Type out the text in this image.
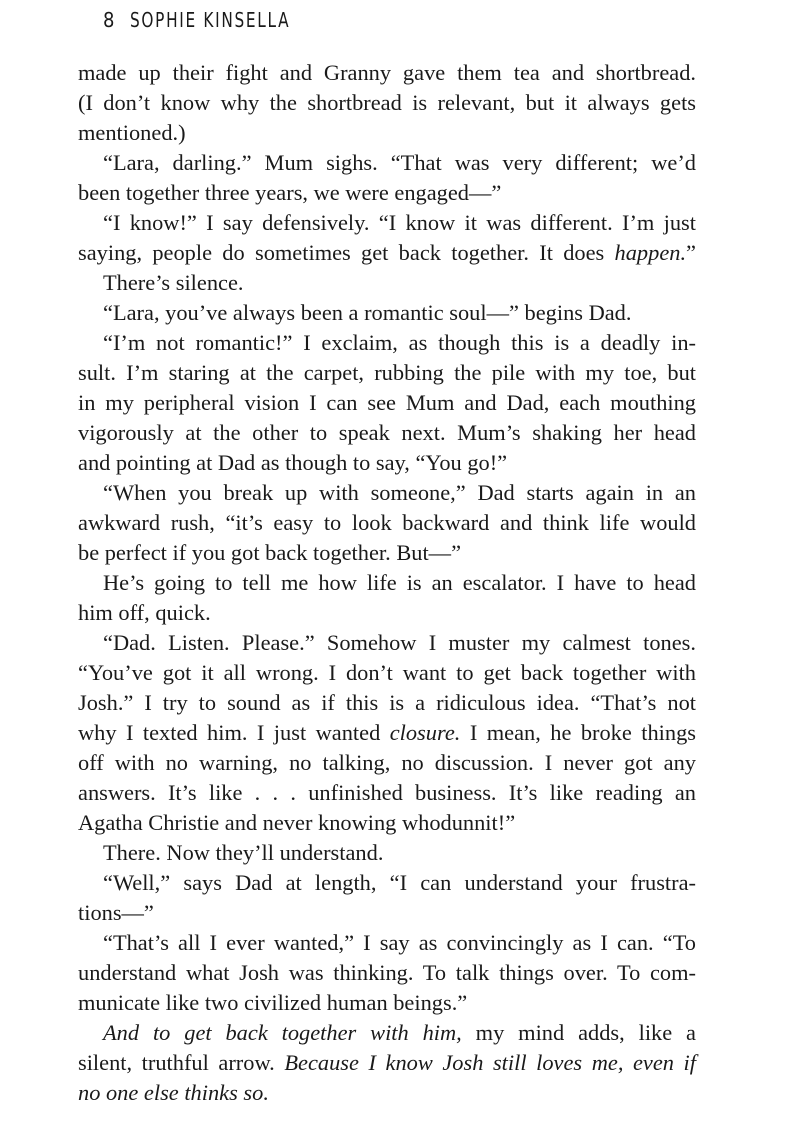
8 SOPHIE KINSELLA
made up their fight and Granny gave them tea and shortbread.
(I don’t know why the shortbread is relevant, but it always gets
mentioned.)
“Lara, darling.” Mum sighs. “That was very different; we’d
been together three years, we were engaged—”
“I know!” I say defensively. “I know it was different. I’m just
saying, people do sometimes get back together. It does happen.”
There’s silence.
“Lara, you’ve always been a romantic soul—” begins Dad.
“I’m not romantic!” I exclaim, as though this is a deadly in-
sult. I’m staring at the carpet, rubbing the pile with my toe, but
in my peripheral vision I can see Mum and Dad, each mouthing
vigorously at the other to speak next. Mum’s shaking her head
and pointing at Dad as though to say, “You go!”
“When you break up with someone,” Dad starts again in an
awkward rush, “it’s easy to look backward and think life would
be perfect if you got back together. But—”
He’s going to tell me how life is an escalator. I have to head
him off, quick.
“Dad. Listen. Please.” Somehow I muster my calmest tones.
“You’ve got it all wrong. I don’t want to get back together with
Josh.” I try to sound as if this is a ridiculous idea. “That’s not
why I texted him. I just wanted closure. I mean, he broke things
off with no warning, no talking, no discussion. I never got any
answers. It’s like . . . unfinished business. It’s like reading an
Agatha Christie and never knowing whodunnit!”
There. Now they’ll understand.
“Well,” says Dad at length, “I can understand your frustra-
tions—”
“That’s all I ever wanted,” I say as convincingly as I can. “To
understand what Josh was thinking. To talk things over. To com-
municate like two civilized human beings.”
And to get back together with him, my mind adds, like a
silent, truthful arrow. Because I know Josh still loves me, even if
no one else thinks so.
